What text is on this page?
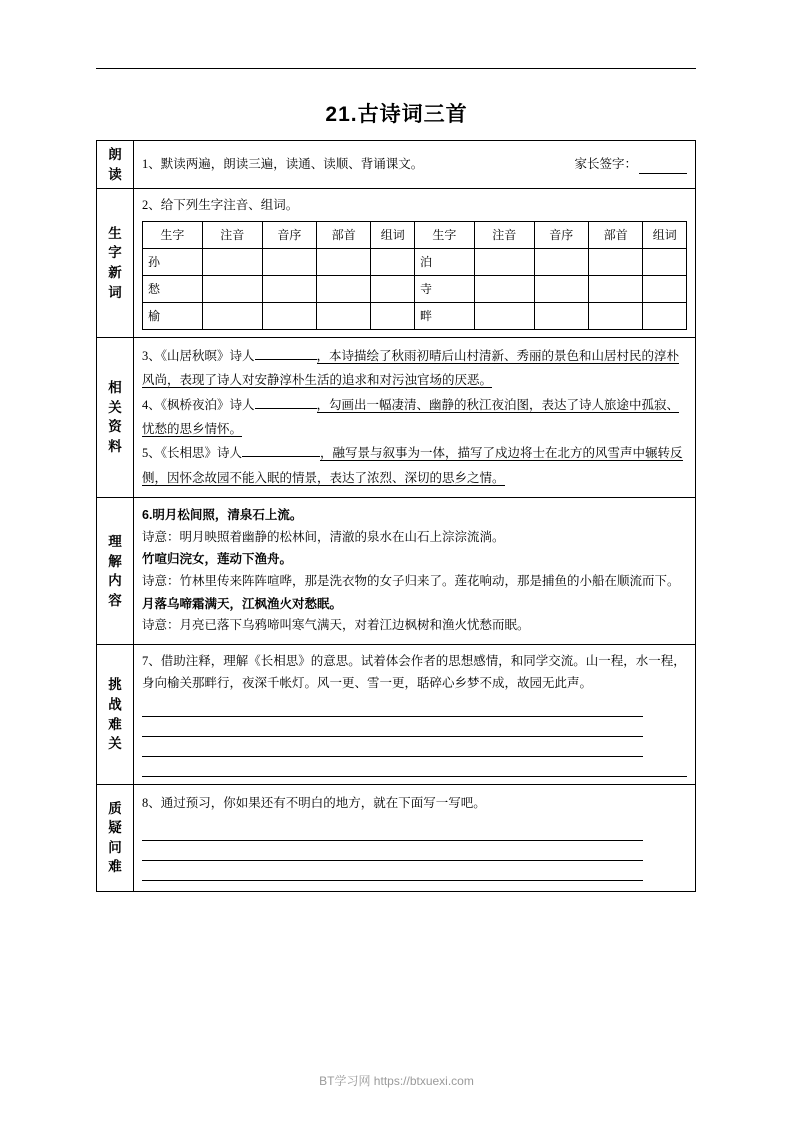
21.古诗词三首
朗
读
1、默读两遍，朗读三遍，读通、读顺、背诵课文。	家长签字：
生
字
新
词
2、给下列生字注音、组词。
生字	注音	音序	部首	组词	生字	注音	音序	部首	组词
孙					泊				
愁					寺				
榆					畔				
相
关
资
料
3、《山居秋暝》诗人	，本诗描绘了秋雨初晴后山村清新、秀丽的景色和山居村民的淳朴风尚，表现了诗人对安静淳朴生活的追求和对污浊官场的厌恶。
4、《枫桥夜泊》诗人	，勾画出一幅凄清、幽静的秋江夜泊图，表达了诗人旅途中孤寂、忧愁的思乡情怀。
5、《长相思》诗人	，融写景与叙事为一体，描写了戍边将士在北方的风雪声中辗转反侧，因怀念故园不能入眠的情景，表达了浓烈、深切的思乡之情。
理
解
内
容
6.明月松间照，清泉石上流。
诗意：明月映照着幽静的松林间，清澈的泉水在山石上淙淙流淌。
竹喧归浣女，莲动下渔舟。
诗意：竹林里传来阵阵喧哗，那是洗衣物的女子归来了。莲花响动，那是捕鱼的小船在顺流而下。
月落乌啼霜满天，江枫渔火对愁眠。
诗意：月亮已落下乌鸦啼叫寒气满天，对着江边枫树和渔火忧愁而眠。
挑
战
难
关
7、借助注释，理解《长相思》的意思。试着体会作者的思想感情，和同学交流。山一程，水一程，身向榆关那畔行，夜深千帐灯。风一更、雪一更，聒碎心乡梦不成，故园无此声。
质
疑
问
难
8、通过预习，你如果还有不明白的地方，就在下面写一写吧。
BT学习网 https://btxuexi.com
